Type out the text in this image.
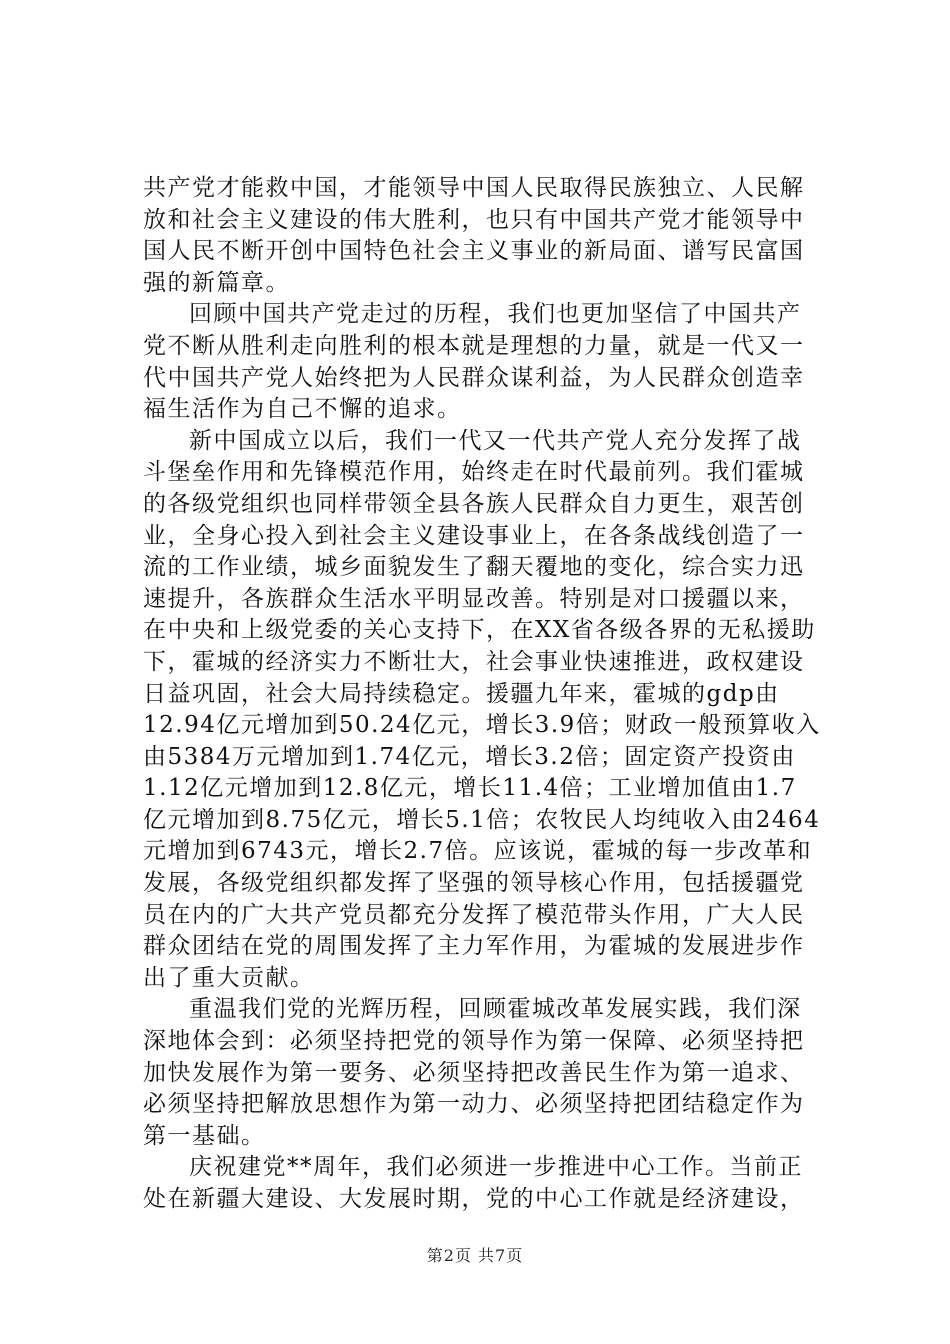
共产党才能救中国，才能领导中国人民取得民族独立、人民解
放和社会主义建设的伟大胜利，也只有中国共产党才能领导中
国人民不断开创中国特色社会主义事业的新局面、谱写民富国
强的新篇章。
回顾中国共产党走过的历程，我们也更加坚信了中国共产
党不断从胜利走向胜利的根本就是理想的力量，就是一代又一
代中国共产党人始终把为人民群众谋利益，为人民群众创造幸
福生活作为自己不懈的追求。
新中国成立以后，我们一代又一代共产党人充分发挥了战
斗堡垒作用和先锋模范作用，始终走在时代最前列。我们霍城
的各级党组织也同样带领全县各族人民群众自力更生，艰苦创
业，全身心投入到社会主义建设事业上，在各条战线创造了一
流的工作业绩，城乡面貌发生了翻天覆地的变化，综合实力迅
速提升，各族群众生活水平明显改善。特别是对口援疆以来，
在中央和上级党委的关心支持下，在XX省各级各界的无私援助
下，霍城的经济实力不断壮大，社会事业快速推进，政权建设
日益巩固，社会大局持续稳定。援疆九年来，霍城的gdp由
12.94亿元增加到50.24亿元，增长3.9倍；财政一般预算收入
由5384万元增加到1.74亿元，增长3.2倍；固定资产投资由
1.12亿元增加到12.8亿元，增长11.4倍；工业增加值由1.7
亿元增加到8.75亿元，增长5.1倍；农牧民人均纯收入由2464
元增加到6743元，增长2.7倍。应该说，霍城的每一步改革和
发展，各级党组织都发挥了坚强的领导核心作用，包括援疆党
员在内的广大共产党员都充分发挥了模范带头作用，广大人民
群众团结在党的周围发挥了主力军作用，为霍城的发展进步作
出了重大贡献。
重温我们党的光辉历程，回顾霍城改革发展实践，我们深
深地体会到：必须坚持把党的领导作为第一保障、必须坚持把
加快发展作为第一要务、必须坚持把改善民生作为第一追求、
必须坚持把解放思想作为第一动力、必须坚持把团结稳定作为
第一基础。
庆祝建党**周年，我们必须进一步推进中心工作。当前正
处在新疆大建设、大发展时期，党的中心工作就是经济建设，
第2页 共7页
